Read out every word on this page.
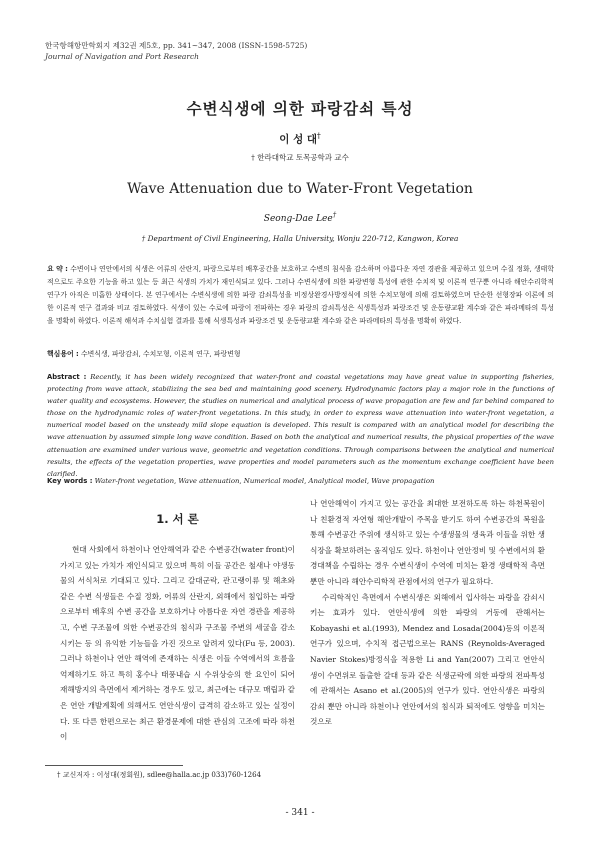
한국항해항만학회지 제32권 제5호, pp. 341~347, 2008 (ISSN-1598-5725)
Journal of Navigation and Port Research
수변식생에 의한 파랑감쇠 특성
이 성 대†
† 한라대학교 토목공학과 교수
Wave Attenuation due to Water-Front Vegetation
Seong-Dae Lee†
† Department of Civil Engineering, Halla University, Wonju 220-712, Kangwon, Korea
요 약 : 수변이나 연안에서의 식생은 어류의 산란지, 파랑으로부터 배후공간을 보호하고 수변의 침식을 감소하며 아름다운 자연 경관을 제공하고 있으며 수질 정화, 생태학적으로도 주요한 기능을 하고 있는 등 최근 식생의 가치가 재인식되고 있다. 그러나 수변식생에 의한 파랑변형 특성에 관한 수치적 및 이론적 연구뿐 아니라 해안수리학적 연구가 아직은 미흡한 상태이다. 본 연구에서는 수변식생에 의한 파랑 감쇠특성을 비정상완경사방정식에 의한 수치모형에 의해 검토하였으며 단순한 선형장파 이론에 의한 이론적 연구 결과와 비교 검토하였다. 식생이 있는 수로에 파랑이 전파하는 경우 파랑의 감쇠특성은 식생특성과 파랑조건 및 운동량교환 계수와 같은 파라메타의 특성을 명확히 하였다. 이론적 해석과 수치실험 결과를 통해 식생특성과 파랑조건 및 운동량교환 계수와 같은 파라메타의 특성을 명확히 하였다.
핵심용어 : 수변식생, 파랑감쇠, 수치모형, 이론적 연구, 파랑변형
Abstract : Recently, it has been widely recognized that water-front and coastal vegetations may have great value in supporting fisheries, protecting from wave attack, stabilizing the sea bed and maintaining good scenery. Hydrodynamic factors play a major role in the functions of water quality and ecosystems. However, the studies on numerical and analytical process of wave propagation are few and far behind compared to those on the hydrodynamic roles of water-front vegetations. In this study, in order to express wave attenuation into water-front vegetation, a numerical model based on the unsteady mild slope equation is developed. This result is compared with an analytical model for describing the wave attenuation by assumed simple long wave condition. Based on both the analytical and numerical results, the physical properties of the wave attenuation are examined under various wave, geometric and vegetation conditions. Through comparisons between the analytical and numerical results, the effects of the vegetation properties, wave properties and model parameters such as the momentum exchange coefficient have been clarified.
Key words : Water-front vegetation, Wave attenuation, Numerical model, Analytical model, Wave propagation
1. 서 론

현대 사회에서 하천이나 연안해역과 같은 수변공간(water front)이 가지고 있는 가치가 재인식되고 있으며 특히 이들 공간은 철새나 야생동물의 서식처로 기대되고 있다. 그리고 갈대군락, 관고랭이류 및 해초와 같은 수변 식생들은 수질 정화, 어류의 산란지, 외해에서 침입하는 파랑으로부터 배후의 수변 공간을 보호하거나 아름다운 자연 경관을 제공하고, 수변 구조물에 의한 수변공간의 침식과 구조물 주변의 세굴을 감소시키는 등 의 유익한 기능들을 가진 것으로 알려져 있다(Fu 등, 2003). 그러나 하천이나 연안 해역에 존재하는 식생은 이들 수역에서의 흐름을 억제하기도 하고 특히 홍수나 태풍내습 시 수위상승의 한 요인이 되어 재해방지의 측면에서 제거하는 경우도 있고, 최근에는 대규모 매립과 같은 연안 개발계획에 의해서도 연안식생이 급격히 감소하고 있는 실정이다. 또 다른 한편으로는 최근 환경문제에 대한 관심의 고조에 따라 하천이

나 연안해역이 가지고 있는 공간을 최대한 보전하도록 하는 하천복원이나 친환경적 자연형 해안개발이 주목을 받기도 하여 수변공간의 복원을 통해 수변공간 주위에 생식하고 있는 수생생물의 생육과 이들을 위한 생식장을 확보하려는 움직임도 있다. 하천이나 연안정비 및 수변에서의 환경대책을 수립하는 경우 수변식생이 수역에 미치는 환경 생태학적 측면뿐만 아니라 해안수리학적 관점에서의 연구가 필요하다.

수리학적인 측면에서 수변식생은 외해에서 입사하는 파랑을 감쇠시키는 효과가 있다. 연안식생에 의한 파랑의 거동에 관해서는 Kobayashi et al.(1993), Mendez and Losada(2004)등의 이론적 연구가 있으며, 수치적 접근법으로는 RANS (Reynolds-Averaged Navier Stokes)방정식을 적용한 Li and Yan(2007) 그리고 연안식생이 수면위로 돌출한 갈대 등과 같은 식생군락에 의한 파랑의 전파특성에 관해서는 Asano et al.(2005)의 연구가 있다. 연안식생은 파랑의 감쇠 뿐만 아니라 하천이나 연안에서의 침식과 퇴적에도 영향을 미치는 것으로

† 교신저자 : 이성대(정회원), sdlee@halla.ac.jp 033)760-1264
- 341 -
